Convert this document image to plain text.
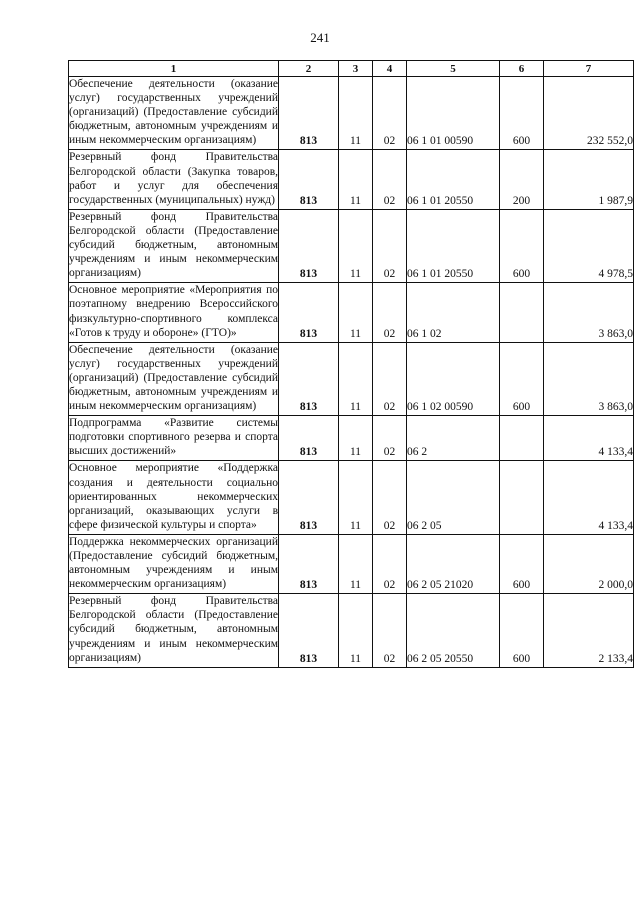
241
1	2	3	4	5	6	7
Обеспечение деятельности (оказание услуг) государственных учреждений (организаций) (Предоставление субсидий бюджетным, автономным учреждениям и иным некоммерческим организациям)	813	11	02	06 1 01 00590	600	232 552,0
Резервный фонд Правительства Белгородской области (Закупка товаров, работ и услуг для обеспечения государственных (муниципальных) нужд)	813	11	02	06 1 01 20550	200	1 987,9
Резервный фонд Правительства Белгородской области (Предоставление субсидий бюджетным, автономным учреждениям и иным некоммерческим организациям)	813	11	02	06 1 01 20550	600	4 978,5
Основное мероприятие «Мероприятия по поэтапному внедрению Всероссийского физкультурно-спортивного комплекса «Готов к труду и обороне» (ГТО)»	813	11	02	06 1 02		3 863,0
Обеспечение деятельности (оказание услуг) государственных учреждений (организаций) (Предоставление субсидий бюджетным, автономным учреждениям и иным некоммерческим организациям)	813	11	02	06 1 02 00590	600	3 863,0
Подпрограмма «Развитие системы подготовки спортивного резерва и спорта высших достижений»	813	11	02	06 2		4 133,4
Основное мероприятие «Поддержка создания и деятельности социально ориентированных некоммерческих организаций, оказывающих услуги в сфере физической культуры и спорта»	813	11	02	06 2 05		4 133,4
Поддержка некоммерческих организаций (Предоставление субсидий бюджетным, автономным учреждениям и иным некоммерческим организациям)	813	11	02	06 2 05 21020	600	2 000,0
Резервный фонд Правительства Белгородской области (Предоставление субсидий бюджетным, автономным учреждениям и иным некоммерческим организациям)	813	11	02	06 2 05 20550	600	2 133,4
